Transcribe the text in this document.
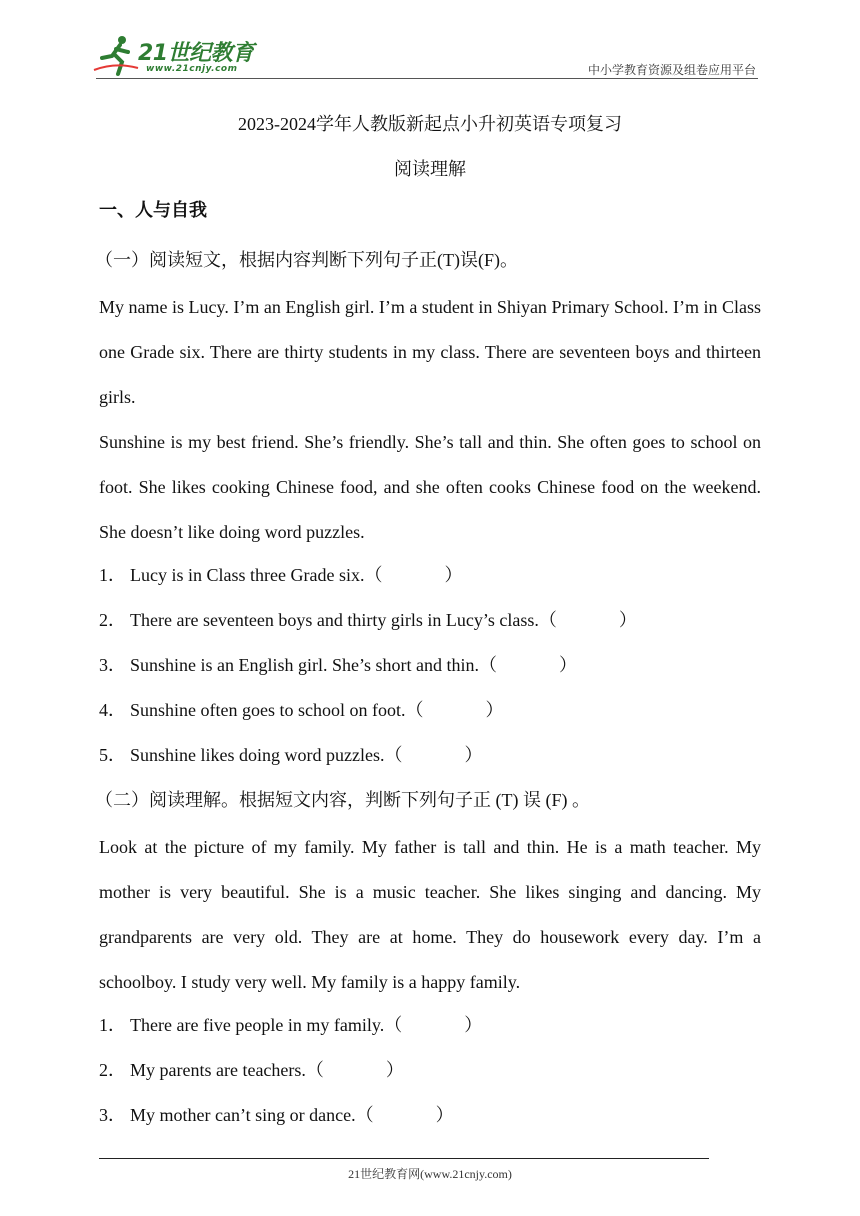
21世纪教育
www.21cnjy.com	中小学教育资源及组卷应用平台
2023-2024学年人教版新起点小升初英语专项复习
阅读理解
一、人与自我
（一）阅读短文，根据内容判断下列句子正(T)误(F)。
My name is Lucy. I’m an English girl. I’m a student in Shiyan Primary School. I’m in Class one Grade six. There are thirty students in my class. There are seventeen boys and thirteen girls.
Sunshine is my best friend. She’s friendly. She’s tall and thin. She often goes to school on foot. She likes cooking Chinese food, and she often cooks Chinese food on the weekend. She doesn’t like doing word puzzles.
1． Lucy is in Class three Grade six.（	）
2． There are seventeen boys and thirty girls in Lucy’s class.（	）
3． Sunshine is an English girl. She’s short and thin.（	）
4． Sunshine often goes to school on foot.（	）
5． Sunshine likes doing word puzzles.（	）
（二）阅读理解。根据短文内容，判断下列句子正 (T) 误 (F) 。
Look at the picture of my family. My father is tall and thin. He is a math teacher. My mother is very beautiful. She is a music teacher. She likes singing and dancing. My grandparents are very old. They are at home. They do housework every day. I’m a schoolboy. I study very well. My family is a happy family.
1． There are five people in my family.（	）
2． My parents are teachers.（	）
3． My mother can’t sing or dance.（	）
21世纪教育网(www.21cnjy.com)
